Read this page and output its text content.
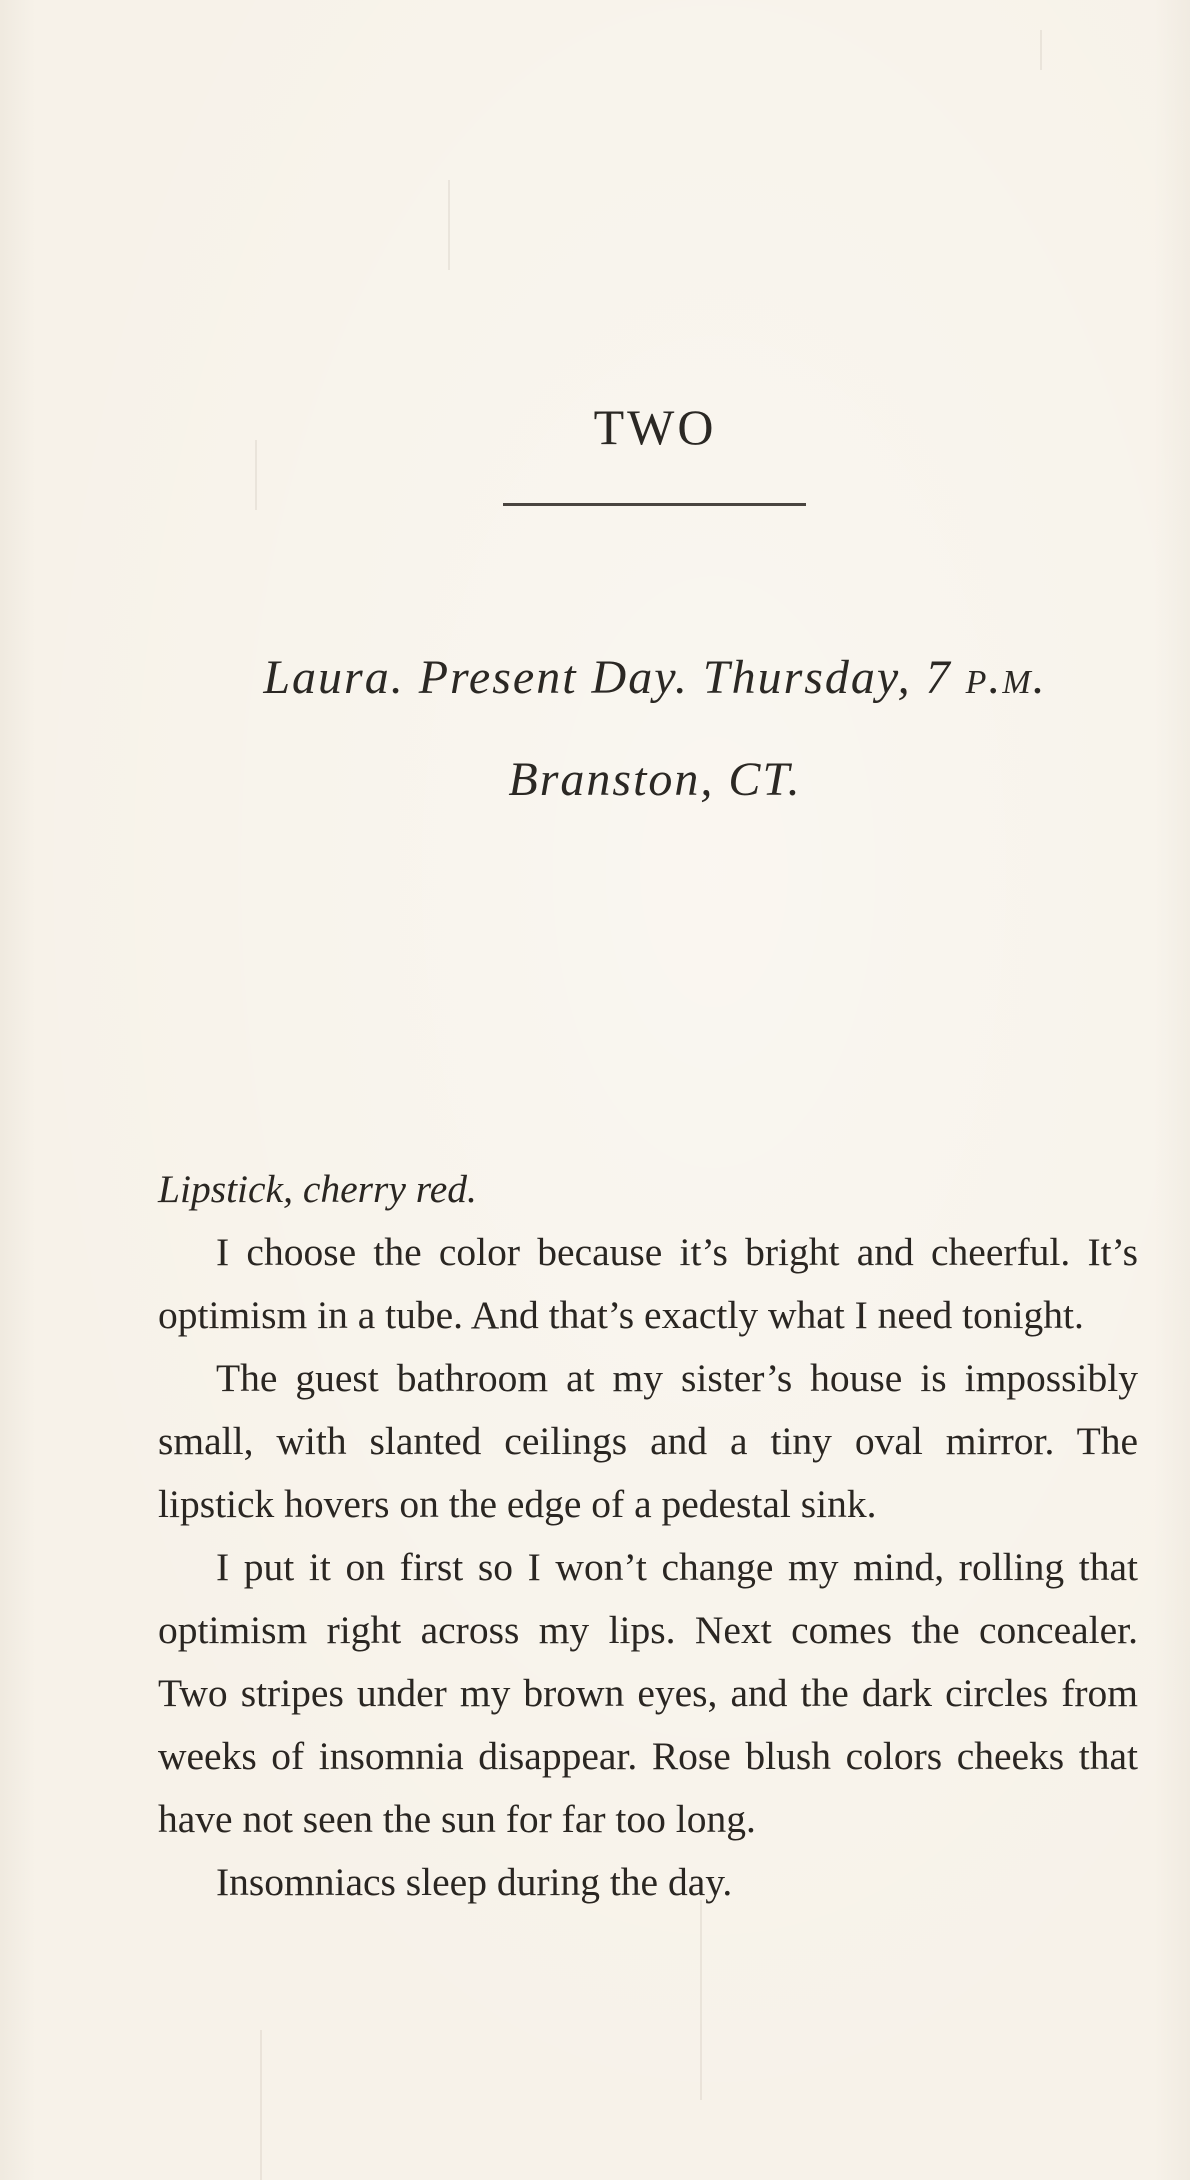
TWO

Laura. Present Day. Thursday, 7 p.m.

Branston, CT.

Lipstick, cherry red.

I choose the color because it’s bright and cheerful. It’s optimism in a tube. And that’s exactly what I need tonight.

The guest bathroom at my sister’s house is impossibly small, with slanted ceilings and a tiny oval mirror. The lipstick hovers on the edge of a pedestal sink.

I put it on first so I won’t change my mind, rolling that optimism right across my lips. Next comes the concealer. Two stripes under my brown eyes, and the dark circles from weeks of insomnia disappear. Rose blush colors cheeks that have not seen the sun for far too long.

Insomniacs sleep during the day.
